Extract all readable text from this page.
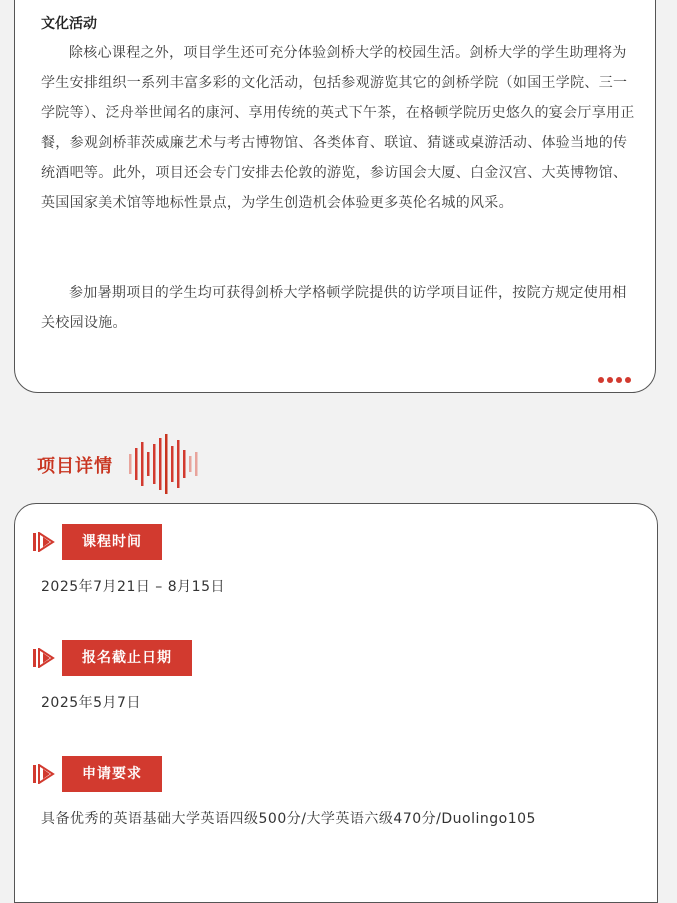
文化活动

除核心课程之外，项目学生还可充分体验剑桥大学的校园生活。剑桥大学的学生助理将为学生安排组织一系列丰富多彩的文化活动，包括参观游览其它的剑桥学院（如国王学院、三一学院等）、泛舟举世闻名的康河、享用传统的英式下午茶，在格顿学院历史悠久的宴会厅享用正餐，参观剑桥菲茨威廉艺术与考古博物馆、各类体育、联谊、猜谜或桌游活动、体验当地的传统酒吧等。此外，项目还会专门安排去伦敦的游览，参访国会大厦、白金汉宫、大英博物馆、英国国家美术馆等地标性景点，为学生创造机会体验更多英伦名城的风采。

参加暑期项目的学生均可获得剑桥大学格顿学院提供的访学项目证件，按院方规定使用相关校园设施。

项目详情
课程时间
2025年7月21日 – 8月15日
报名截止日期
2025年5月7日
申请要求
具备优秀的英语基础大学英语四级500分/大学英语六级470分/Duolingo105
